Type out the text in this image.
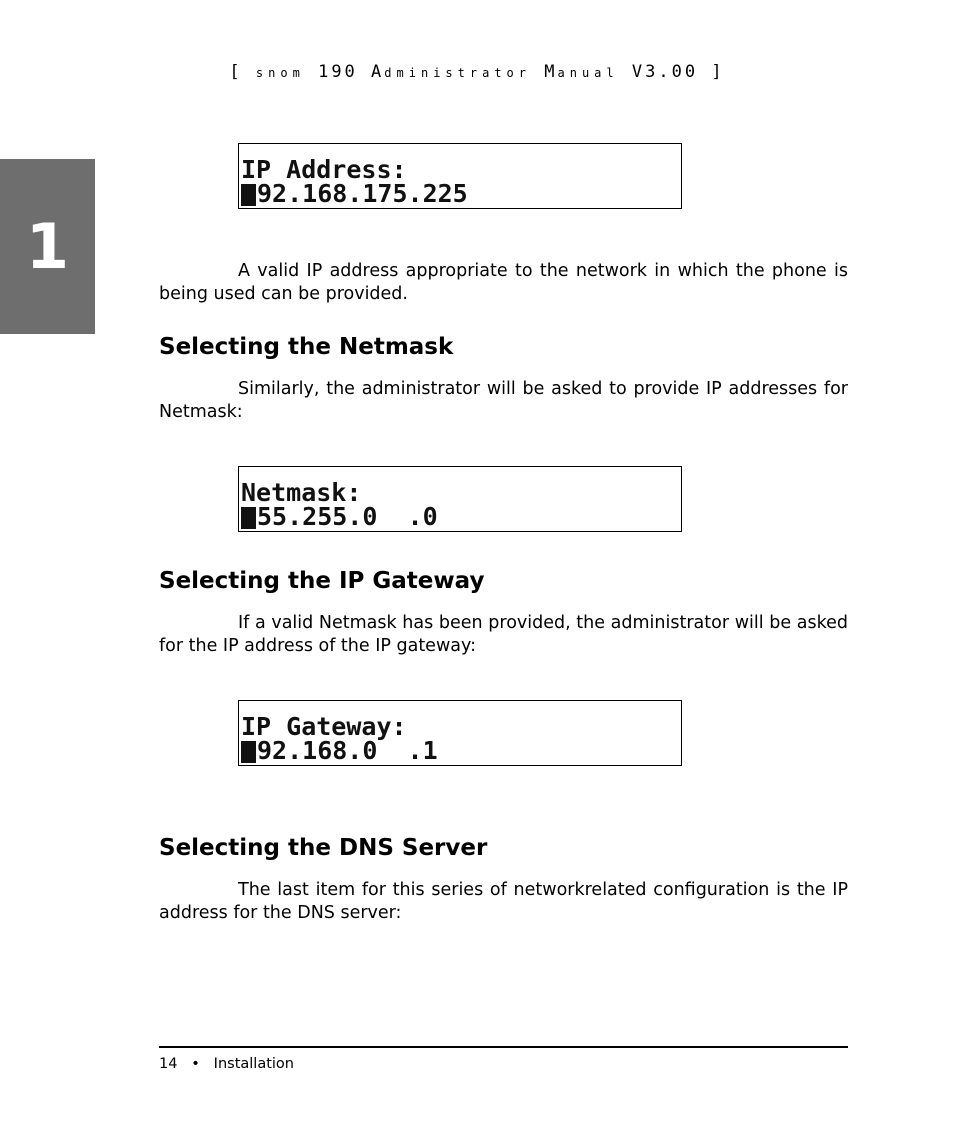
[ snom 190 Administrator Manual V3.00 ]
1
IP Address:
92.168.175.225
A valid IP address appropriate to the network in which the phone is being used can be provided.
Selecting the Netmask
Similarly, the administrator will be asked to provide IP addresses for Netmask:
Netmask:
55.255.0  .0
Selecting the IP Gateway
If a valid Netmask has been provided, the administrator will be asked for the IP address of the IP gateway:
IP Gateway:
92.168.0  .1
Selecting the DNS Server
The last item for this series of networkrelated configuration is the IP address for the DNS server:
14 • Installation
